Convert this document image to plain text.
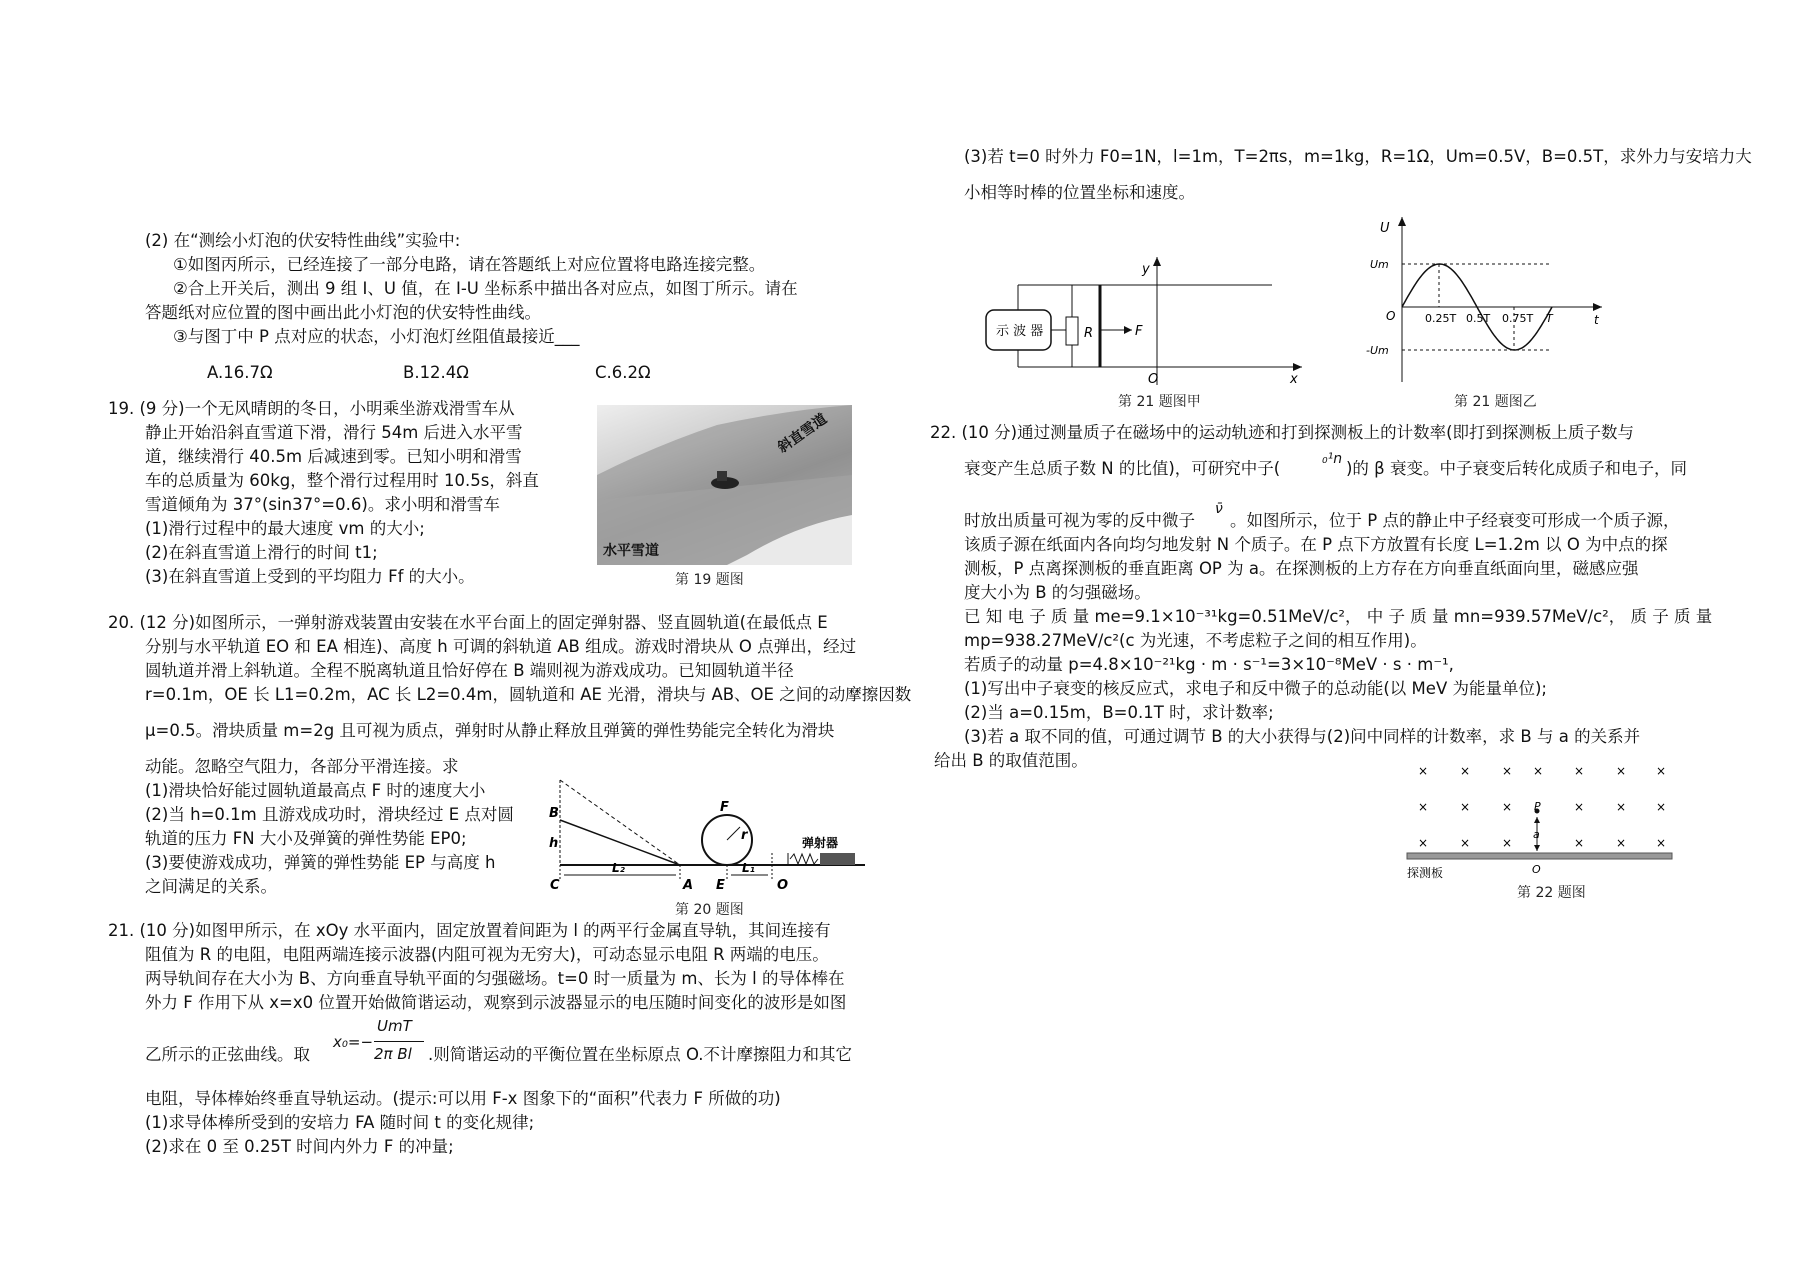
(2) 在“测绘小灯泡的伏安特性曲线”实验中:
①如图丙所示，已经连接了一部分电路，请在答题纸上对应位置将电路连接完整。
②合上开关后，测出 9 组 I、U 值，在 I-U 坐标系中描出各对应点，如图丁所示。请在
答题纸对应位置的图中画出此小灯泡的伏安特性曲线。
③与图丁中 P 点对应的状态，小灯泡灯丝阻值最接近___
A.16.7Ω	B.12.4Ω	C.6.2Ω
19. (9 分)一个无风晴朗的冬日，小明乘坐游戏滑雪车从
静止开始沿斜直雪道下滑，滑行 54m 后进入水平雪
道，继续滑行 40.5m 后减速到零。已知小明和滑雪
车的总质量为 60kg，整个滑行过程用时 10.5s，斜直
雪道倾角为 37°(sin37°=0.6)。求小明和滑雪车
(1)滑行过程中的最大速度 vm 的大小;
(2)在斜直雪道上滑行的时间 t1;
(3)在斜直雪道上受到的平均阻力 Ff 的大小。
斜直雪道
水平雪道
第 19 题图
20. (12 分)如图所示，一弹射游戏装置由安装在水平台面上的固定弹射器、竖直圆轨道(在最低点 E
分别与水平轨道 EO 和 EA 相连)、高度 h 可调的斜轨道 AB 组成。游戏时滑块从 O 点弹出，经过
圆轨道并滑上斜轨道。全程不脱离轨道且恰好停在 B 端则视为游戏成功。已知圆轨道半径
r=0.1m，OE 长 L1=0.2m，AC 长 L2=0.4m，圆轨道和 AE 光滑，滑块与 AB、OE 之间的动摩擦因数
μ=0.5。滑块质量 m=2g 且可视为质点，弹射时从静止释放且弹簧的弹性势能完全转化为滑块
动能。忽略空气阻力，各部分平滑连接。求
(1)滑块恰好能过圆轨道最高点 F 时的速度大小
(2)当 h=0.1m 且游戏成功时，滑块经过 E 点对圆
轨道的压力 FN 大小及弹簧的弹性势能 EP0;
(3)要使游戏成功，弹簧的弹性势能 EP 与高度 h
之间满足的关系。
B
h
C	A E	O
F
r
L₂	L₁
弹射器
第 20 题图
21. (10 分)如图甲所示，在 xOy 水平面内，固定放置着间距为 l 的两平行金属直导轨，其间连接有
阻值为 R 的电阻，电阻两端连接示波器(内阻可视为无穷大)，可动态显示电阻 R 两端的电压。
两导轨间存在大小为 B、方向垂直导轨平面的匀强磁场。t=0 时一质量为 m、长为 l 的导体棒在
外力 F 作用下从 x=x0 位置开始做简谐运动，观察到示波器显示的电压随时间变化的波形是如图
乙所示的正弦曲线。取
x₀=−
UmT
2π Bl .则简谐运动的平衡位置在坐标原点 O.不计摩擦阻力和其它
电阻，导体棒始终垂直导轨运动。(提示:可以用 F-x 图象下的“面积”代表力 F 所做的功)
(1)求导体棒所受到的安培力 FA 随时间 t 的变化规律;
(2)求在 0 至 0.25T 时间内外力 F 的冲量;
(3)若 t=0 时外力 F0=1N，l=1m，T=2πs，m=1kg，R=1Ω，Um=0.5V，B=0.5T，求外力与安培力大
小相等时棒的位置坐标和速度。
示 波 器	R	F
y
O	x
第 21 题图甲
U
Um
-Um
O	0.25T 0.5T 0.75T T	t
第 21 题图乙
22. (10 分)通过测量质子在磁场中的运动轨迹和打到探测板上的计数率(即打到探测板上质子数与
衰变产生总质子数 N 的比值)，可研究中子(	₀¹n )的 β 衰变。中子衰变后转化成质子和电子，同
时放出质量可视为零的反中微子
ν̄
。如图所示，位于 P 点的静止中子经衰变可形成一个质子源，
该质子源在纸面内各向均匀地发射 N 个质子。在 P 点下方放置有长度 L=1.2m 以 O 为中点的探
测板，P 点离探测板的垂直距离 OP 为 a。在探测板的上方存在方向垂直纸面向里，磁感应强
度大小为 B 的匀强磁场。
已 知 电 子 质 量 me=9.1×10⁻³¹kg=0.51MeV/c²， 中 子 质 量 mn=939.57MeV/c²， 质 子 质 量
mp=938.27MeV/c²(c 为光速，不考虑粒子之间的相互作用)。
若质子的动量 p=4.8×10⁻²¹kg · m · s⁻¹=3×10⁻⁸MeV · s · m⁻¹,
(1)写出中子衰变的核反应式，求电子和反中微子的总动能(以 MeV 为能量单位);
(2)当 a=0.15m，B=0.1T 时，求计数率;
(3)若 a 取不同的值，可通过调节 B 的大小获得与(2)问中同样的计数率，求 B 与 a 的关系并
给出 B 的取值范围。
×	×	× ×	×	× ×
×	×	×	×	× ×
×	×	×	×	× ×
P
a
O
探测板
第 22 题图
